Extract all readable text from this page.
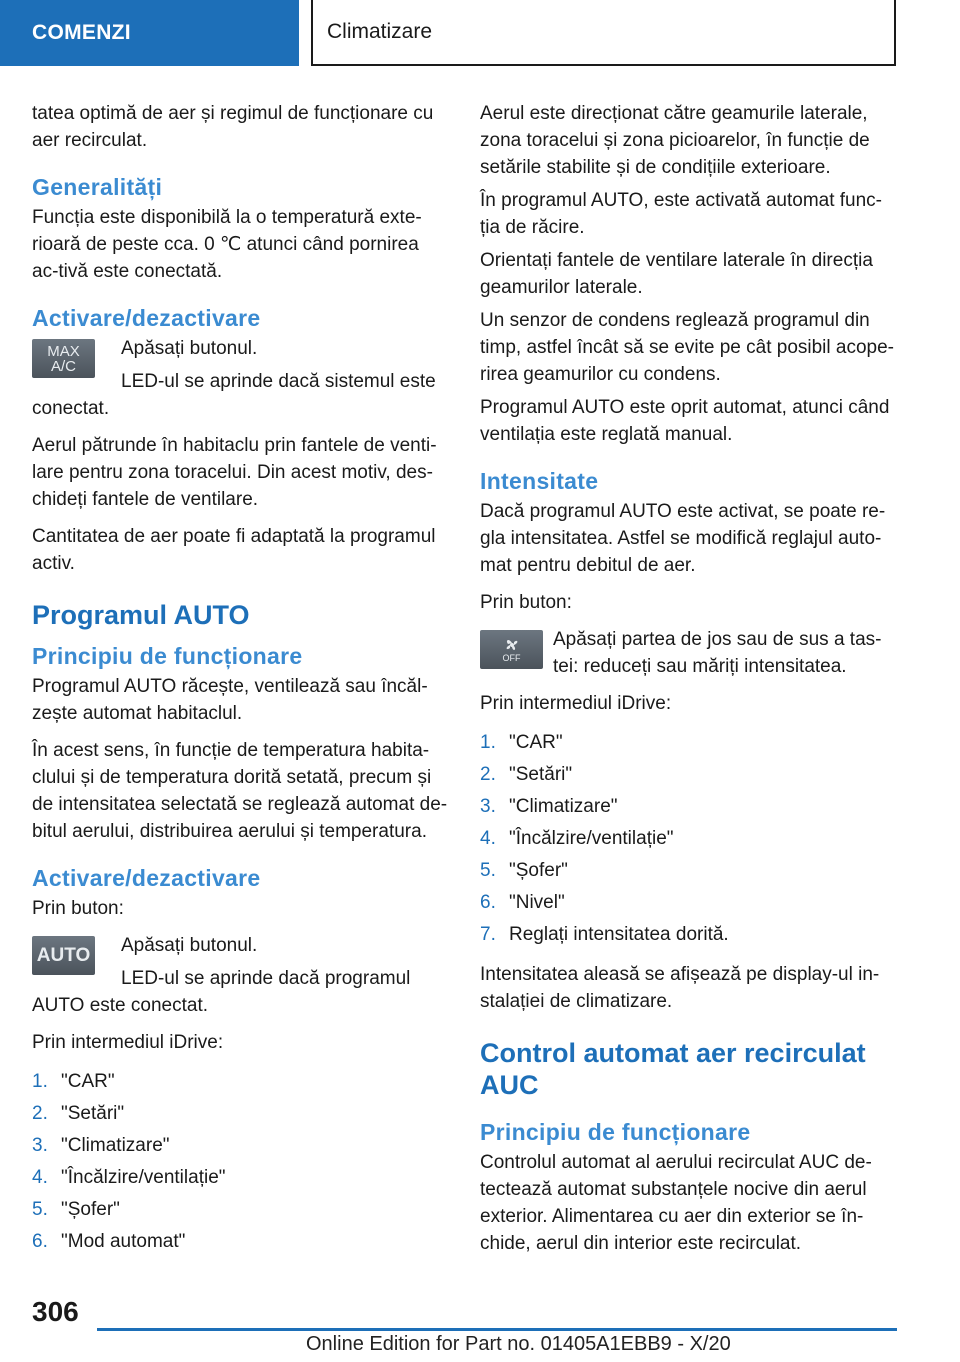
COMENZI	Climatizare

tatea optimă de aer și regimul de funcționare cu aer recirculat.

Generalități

Funcția este disponibilă la o temperatură exte-rioară de peste cca. 0 ℃ atunci când pornirea ac-tivă este conectată.

Activare/dezactivare
MAX
A/C

Apăsați butonul.

LED-ul se aprinde dacă sistemul este

conectat.

Aerul pătrunde în habitaclu prin fantele de venti-lare pentru zona toracelui. Din acest motiv, des-chideți fantele de ventilare.

Cantitatea de aer poate fi adaptată la programul activ.

Programul AUTO
Principiu de funcționare

Programul AUTO răcește, ventilează sau încăl-zește automat habitaclul.

În acest sens, în funcție de temperatura habita-clului și de temperatura dorită setată, precum și de intensitatea selectată se reglează automat de-bitul aerului, distribuirea aerului și temperatura.

Activare/dezactivare

Prin buton:

AUTO Apăsați butonul.

LED-ul se aprinde dacă programul

AUTO este conectat.

Prin intermediul iDrive:

1. "CAR"
2. "Setări"
3. "Climatizare"
4. "Încălzire/ventilație"
5. "Șofer"
6. "Mod automat"

Aerul este direcționat către geamurile laterale, zona toracelui și zona picioarelor, în funcție de setările stabilite și de condițiile exterioare.

În programul AUTO, este activată automat func-ția de răcire.

Orientați fantele de ventilare laterale în direcția geamurilor laterale.

Un senzor de condens reglează programul din timp, astfel încât să se evite pe cât posibil acope-rirea geamurilor cu condens.

Programul AUTO este oprit automat, atunci când ventilația este reglată manual.

Intensitate

Dacă programul AUTO este activat, se poate re-gla intensitatea. Astfel se modifică reglajul auto-mat pentru debitul de aer.

Prin buton:

OFF

Apăsați partea de jos sau de sus a tas-tei: reduceți sau măriți intensitatea.

Prin intermediul iDrive:

1. "CAR"
2. "Setări"
3. "Climatizare"
4. "Încălzire/ventilație"
5. "Șofer"
6. "Nivel"
7. Reglați intensitatea dorită.

Intensitatea aleasă se afișează pe display-ul in-stalației de climatizare.

Control automat aer recirculat AUC
Principiu de funcționare

Controlul automat al aerului recirculat AUC de-tectează automat substanțele nocive din aerul exterior. Alimentarea cu aer din exterior se în-chide, aerul din interior este recirculat.

306
Online Edition for Part no. 01405A1EBB9 - X/20
